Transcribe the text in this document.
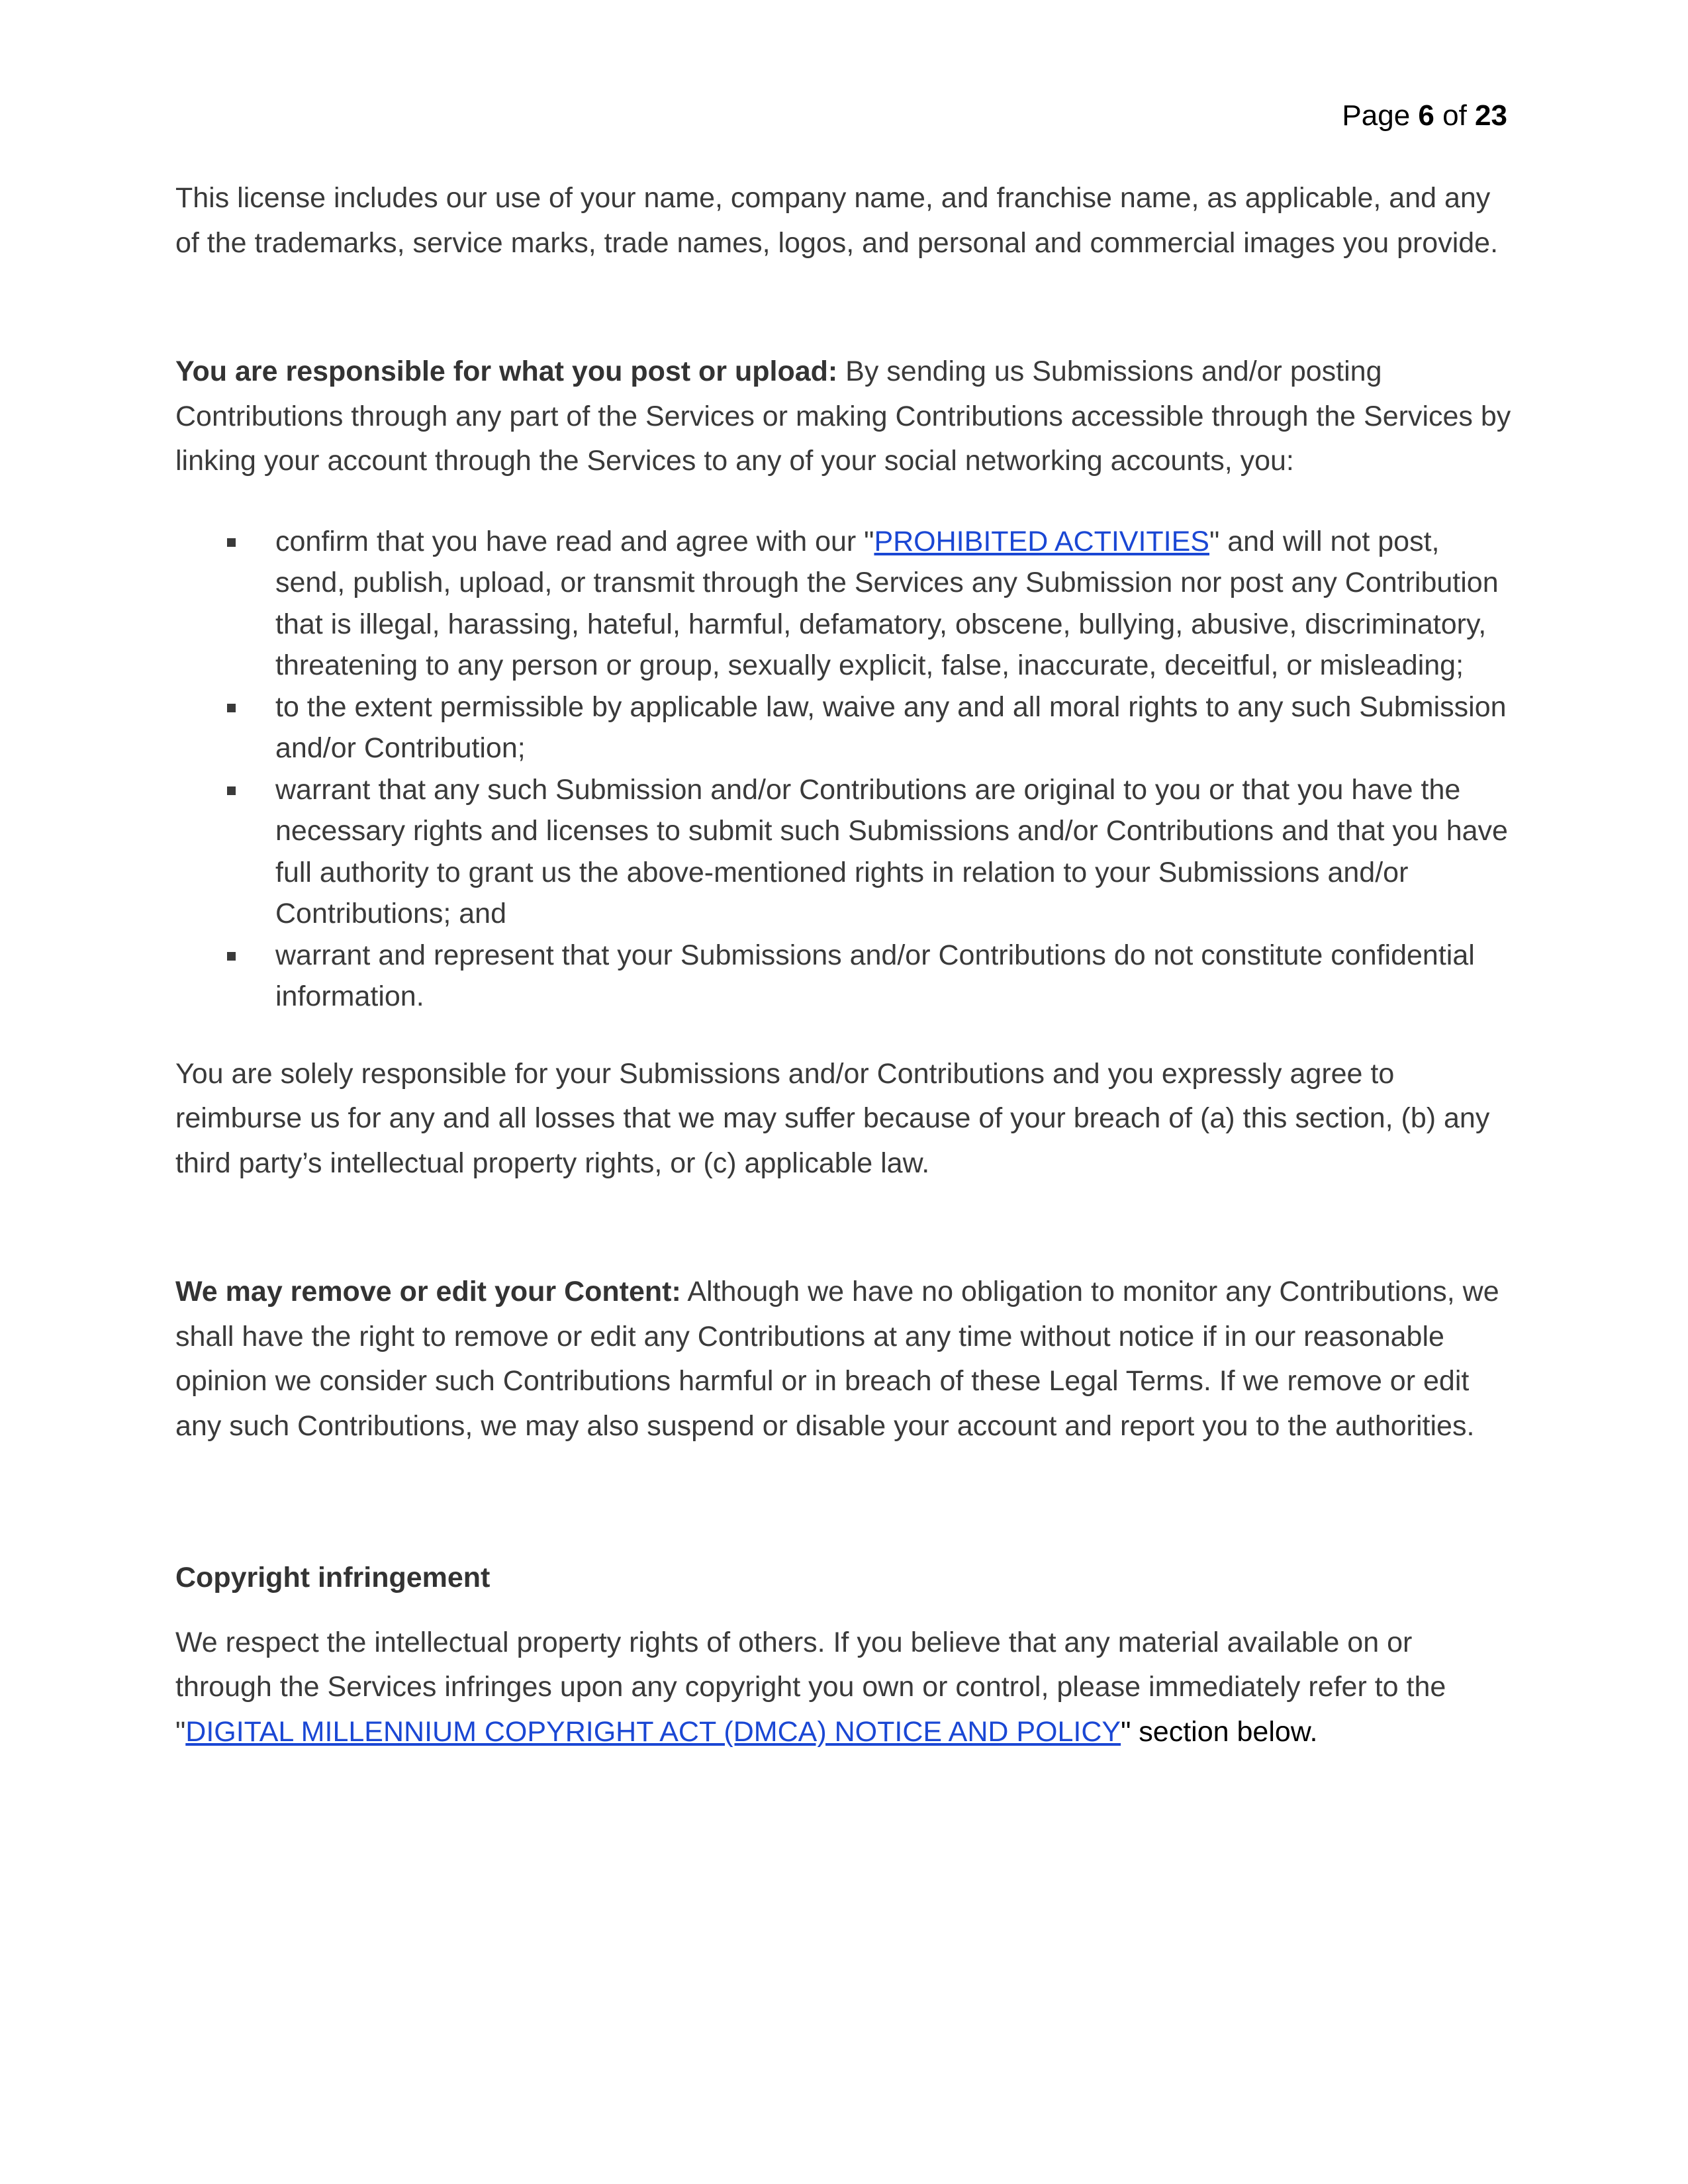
Page 6 of 23

This license includes our use of your name, company name, and franchise name, as applicable, and any of the trademarks, service marks, trade names, logos, and personal and commercial images you provide.

You are responsible for what you post or upload: By sending us Submissions and/or posting Contributions through any part of the Services or making Contributions accessible through the Services by linking your account through the Services to any of your social networking accounts, you:

confirm that you have read and agree with our "PROHIBITED ACTIVITIES" and will not post, send, publish, upload, or transmit through the Services any Submission nor post any Contribution that is illegal, harassing, hateful, harmful, defamatory, obscene, bullying, abusive, discriminatory, threatening to any person or group, sexually explicit, false, inaccurate, deceitful, or misleading;
to the extent permissible by applicable law, waive any and all moral rights to any such Submission and/or Contribution;
warrant that any such Submission and/or Contributions are original to you or that you have the necessary rights and licenses to submit such Submissions and/or Contributions and that you have full authority to grant us the above-mentioned rights in relation to your Submissions and/or Contributions; and
warrant and represent that your Submissions and/or Contributions do not constitute confidential information.

You are solely responsible for your Submissions and/or Contributions and you expressly agree to reimburse us for any and all losses that we may suffer because of your breach of (a) this section, (b) any third party’s intellectual property rights, or (c) applicable law.

We may remove or edit your Content: Although we have no obligation to monitor any Contributions, we shall have the right to remove or edit any Contributions at any time without notice if in our reasonable opinion we consider such Contributions harmful or in breach of these Legal Terms. If we remove or edit any such Contributions, we may also suspend or disable your account and report you to the authorities.

Copyright infringement

We respect the intellectual property rights of others. If you believe that any material available on or through the Services infringes upon any copyright you own or control, please immediately refer to the "DIGITAL MILLENNIUM COPYRIGHT ACT (DMCA) NOTICE AND POLICY" section below.
